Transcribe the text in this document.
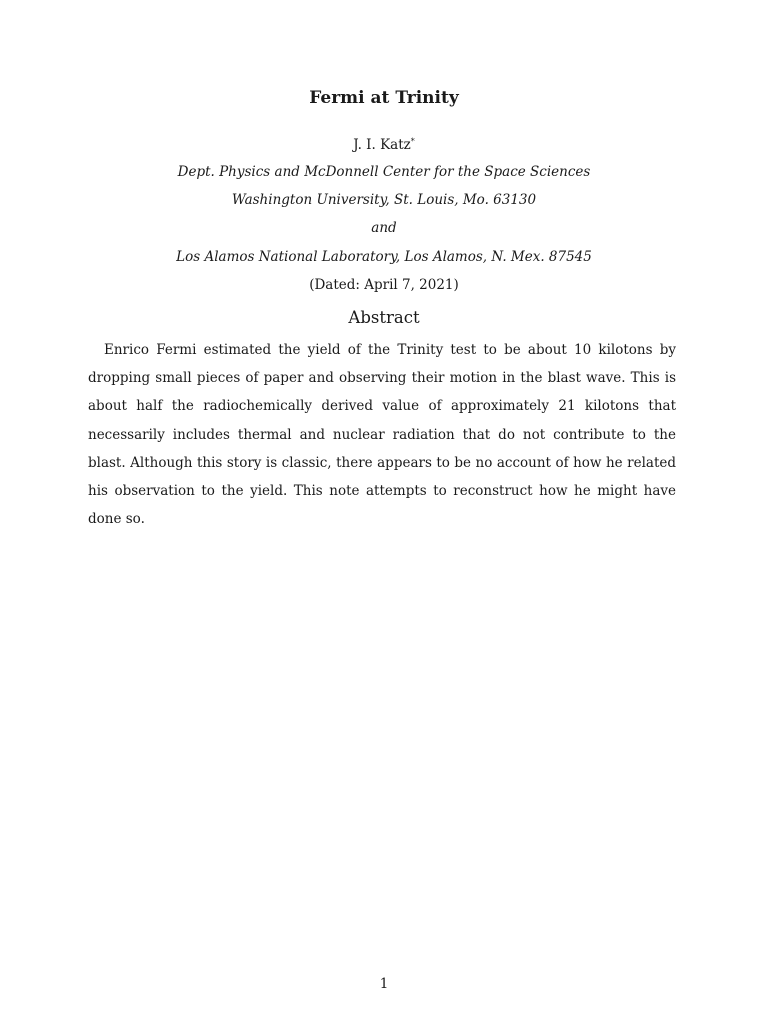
Fermi at Trinity
J. I. Katz*
Dept. Physics and McDonnell Center for the Space Sciences
Washington University, St. Louis, Mo. 63130
and
Los Alamos National Laboratory, Los Alamos, N. Mex. 87545
(Dated: April 7, 2021)
Abstract

Enrico Fermi estimated the yield of the Trinity test to be about 10 kilotons by dropping small pieces of paper and observing their motion in the blast wave. This is about half the radiochemically derived value of approximately 21 kilotons that necessarily includes thermal and nuclear radiation that do not contribute to the blast. Although this story is classic, there appears to be no account of how he related his observation to the yield. This note attempts to reconstruct how he might have done so.

1
